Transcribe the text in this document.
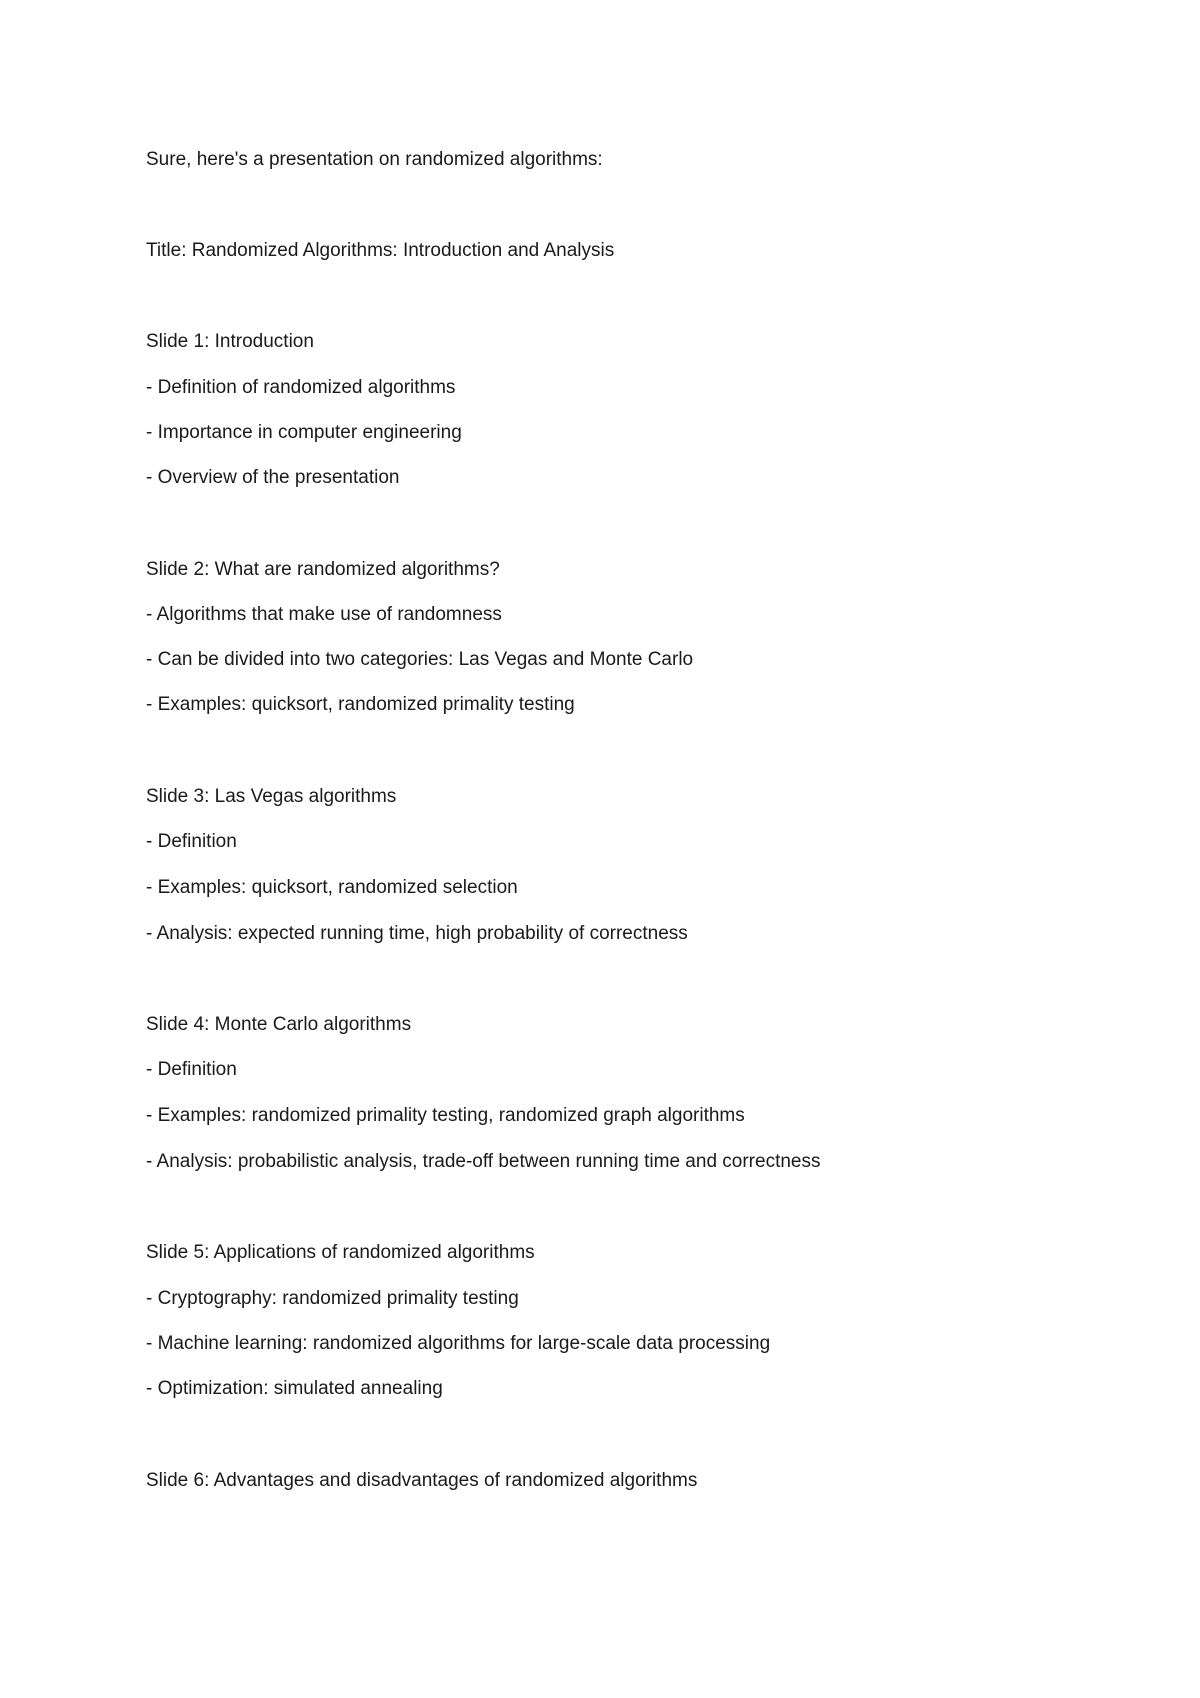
Sure, here's a presentation on randomized algorithms:
Title: Randomized Algorithms: Introduction and Analysis
Slide 1: Introduction
- Definition of randomized algorithms
- Importance in computer engineering
- Overview of the presentation
Slide 2: What are randomized algorithms?
- Algorithms that make use of randomness
- Can be divided into two categories: Las Vegas and Monte Carlo
- Examples: quicksort, randomized primality testing
Slide 3: Las Vegas algorithms
- Definition
- Examples: quicksort, randomized selection
- Analysis: expected running time, high probability of correctness
Slide 4: Monte Carlo algorithms
- Definition
- Examples: randomized primality testing, randomized graph algorithms
- Analysis: probabilistic analysis, trade-off between running time and correctness
Slide 5: Applications of randomized algorithms
- Cryptography: randomized primality testing
- Machine learning: randomized algorithms for large-scale data processing
- Optimization: simulated annealing
Slide 6: Advantages and disadvantages of randomized algorithms
